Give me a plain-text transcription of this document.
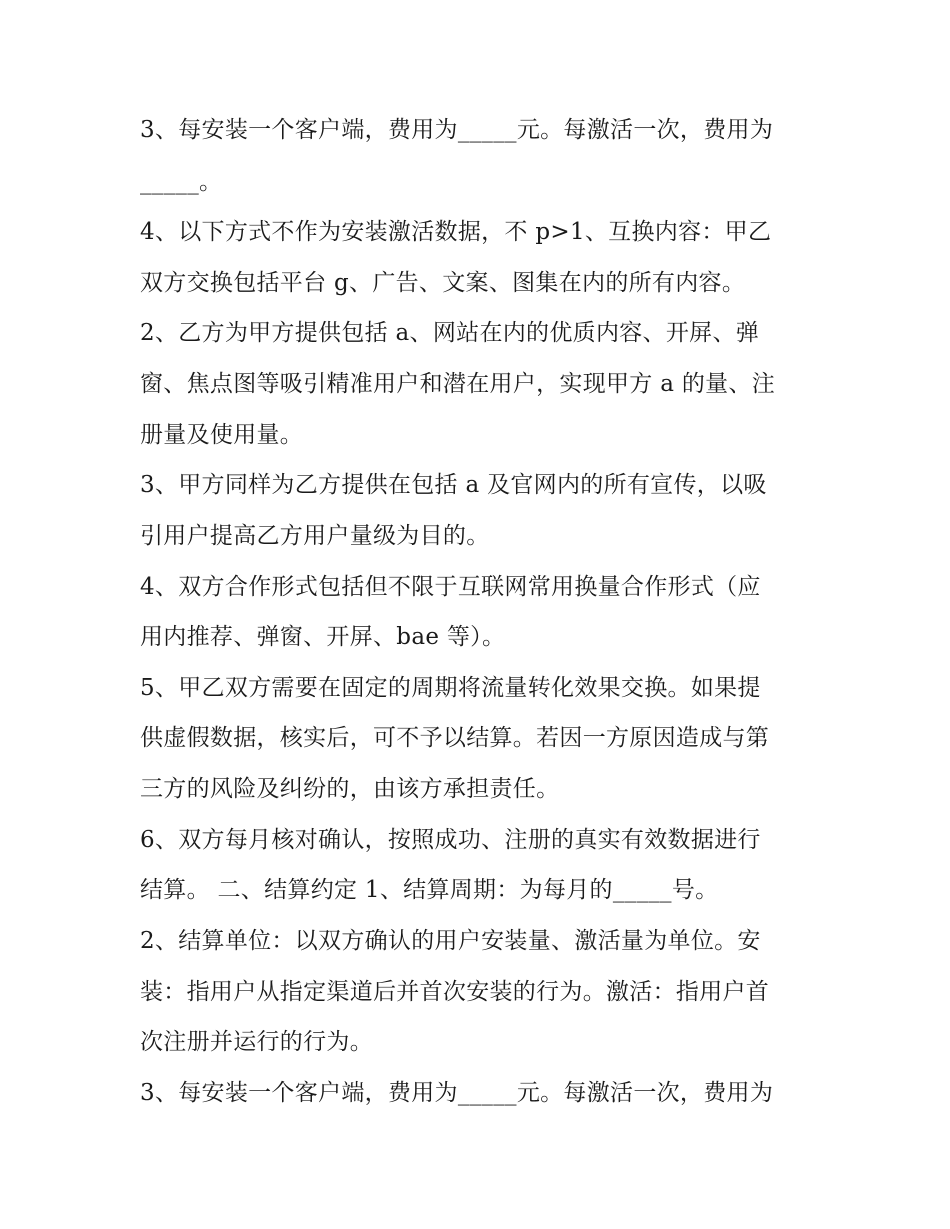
3、每安装一个客户端，费用为_____元。每激活一次，费用为
_____。
4、以下方式不作为安装激活数据，不 p>1、互换内容：甲乙
双方交换包括平台 g、广告、文案、图集在内的所有内容。
2、乙方为甲方提供包括 a、网站在内的优质内容、开屏、弹
窗、焦点图等吸引精准用户和潜在用户，实现甲方 a 的量、注
册量及使用量。
3、甲方同样为乙方提供在包括 a 及官网内的所有宣传，以吸
引用户提高乙方用户量级为目的。
4、双方合作形式包括但不限于互联网常用换量合作形式（应
用内推荐、弹窗、开屏、bae 等）。
5、甲乙双方需要在固定的周期将流量转化效果交换。如果提
供虚假数据，核实后，可不予以结算。若因一方原因造成与第
三方的风险及纠纷的，由该方承担责任。
6、双方每月核对确认，按照成功、注册的真实有效数据进行
结算。 二、结算约定 1、结算周期：为每月的_____号。
2、结算单位：以双方确认的用户安装量、激活量为单位。安
装：指用户从指定渠道后并首次安装的行为。激活：指用户首
次注册并运行的行为。
3、每安装一个客户端，费用为_____元。每激活一次，费用为
